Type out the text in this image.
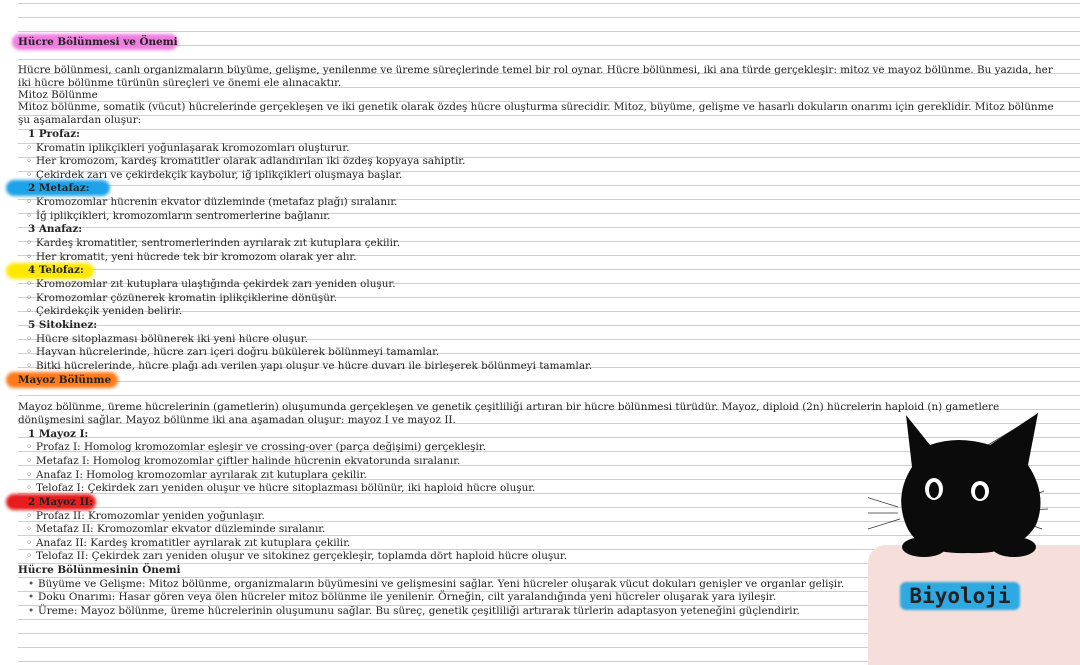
Hücre Bölünmesi ve Önemi
Hücre bölünmesi, canlı organizmaların büyüme, gelişme, yenilenme ve üreme süreçlerinde temel bir rol oynar. Hücre bölünmesi, iki ana türde gerçekleşir: mitoz ve mayoz bölünme. Bu yazıda, her
iki hücre bölünme türünün süreçleri ve önemi ele alınacaktır.
Mitoz Bölünme
Mitoz bölünme, somatik (vücut) hücrelerinde gerçekleşen ve iki genetik olarak özdeş hücre oluşturma sürecidir. Mitoz, büyüme, gelişme ve hasarlı dokuların onarımı için gereklidir. Mitoz bölünme
şu aşamalardan oluşur:
1 Profaz:
◦ Kromatin iplikçikleri yoğunlaşarak kromozomları oluşturur.
◦ Her kromozom, kardeş kromatitler olarak adlandırılan iki özdeş kopyaya sahiptir.
◦ Çekirdek zarı ve çekirdekçik kaybolur, iğ iplikçikleri oluşmaya başlar.
2 Metafaz:
◦ Kromozomlar hücrenin ekvator düzleminde (metafaz plağı) sıralanır.
◦ İğ iplikçikleri, kromozomların sentromerlerine bağlanır.
3 Anafaz:
◦ Kardeş kromatitler, sentromerlerinden ayrılarak zıt kutuplara çekilir.
◦ Her kromatit, yeni hücrede tek bir kromozom olarak yer alır.
4 Telofaz:
◦ Kromozomlar zıt kutuplara ulaştığında çekirdek zarı yeniden oluşur.
◦ Kromozomlar çözünerek kromatin iplikçiklerine dönüşür.
◦ Çekirdekçik yeniden belirir.
5 Sitokinez:
◦ Hücre sitoplazması bölünerek iki yeni hücre oluşur.
◦ Hayvan hücrelerinde, hücre zarı içeri doğru bükülerek bölünmeyi tamamlar.
◦ Bitki hücrelerinde, hücre plağı adı verilen yapı oluşur ve hücre duvarı ile birleşerek bölünmeyi tamamlar.
Mayoz Bölünme
Mayoz bölünme, üreme hücrelerinin (gametlerin) oluşumunda gerçekleşen ve genetik çeşitliliği artıran bir hücre bölünmesi türüdür. Mayoz, diploid (2n) hücrelerin haploid (n) gametlere
dönüşmesini sağlar. Mayoz bölünme iki ana aşamadan oluşur: mayoz I ve mayoz II.
1 Mayoz I:
◦ Profaz I: Homolog kromozomlar eşleşir ve crossing-over (parça değişimi) gerçekleşir.
◦ Metafaz I: Homolog kromozomlar çiftler halinde hücrenin ekvatorunda sıralanır.
◦ Anafaz I: Homolog kromozomlar ayrılarak zıt kutuplara çekilir.
◦ Telofaz I: Çekirdek zarı yeniden oluşur ve hücre sitoplazması bölünür, iki haploid hücre oluşur.
2 Mayoz II:
◦ Profaz II: Kromozomlar yeniden yoğunlaşır.
◦ Metafaz II: Kromozomlar ekvator düzleminde sıralanır.
◦ Anafaz II: Kardeş kromatitler ayrılarak zıt kutuplara çekilir.
◦ Telofaz II: Çekirdek zarı yeniden oluşur ve sitokinez gerçekleşir, toplamda dört haploid hücre oluşur.
Hücre Bölünmesinin Önemi
• Büyüme ve Gelişme: Mitoz bölünme, organizmaların büyümesini ve gelişmesini sağlar. Yeni hücreler oluşarak vücut dokuları genişler ve organlar gelişir.
• Doku Onarımı: Hasar gören veya ölen hücreler mitoz bölünme ile yenilenir. Örneğin, cilt yaralandığında yeni hücreler oluşarak yara iyileşir.
• Üreme: Mayoz bölünme, üreme hücrelerinin oluşumunu sağlar. Bu süreç, genetik çeşitliliği artırarak türlerin adaptasyon yeteneğini güçlendirir.
Biyoloji
